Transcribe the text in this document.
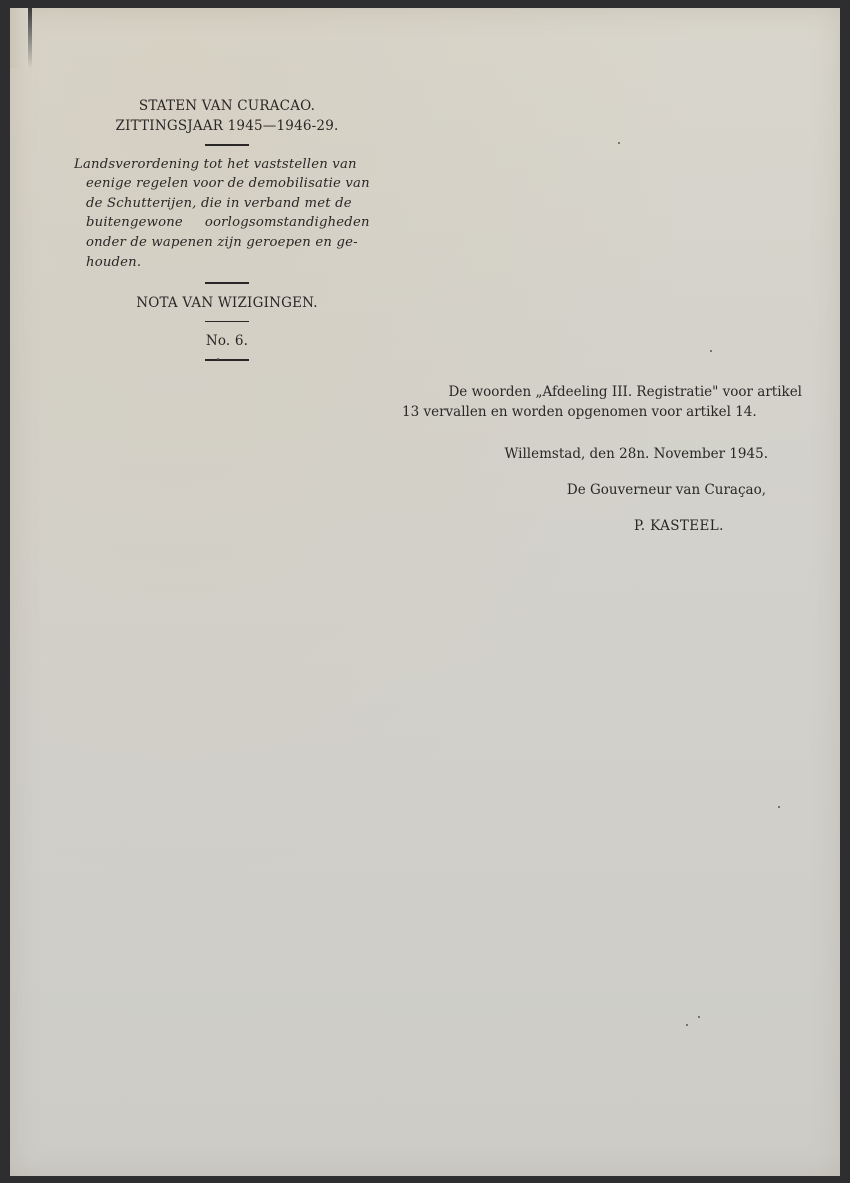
STATEN VAN CURACAO.
ZITTINGSJAAR 1945—1946-29.
Landsverordening tot het vaststellen van
eenige regelen voor de demobilisatie van
de Schutterijen, die in verband met de
buitengewone     oorlogsomstandigheden
onder de wapenen zijn geroepen en ge-
houden.
NOTA VAN WIZIGINGEN.
No. 6.
De woorden „Afdeeling III. Registratie" voor artikel
13 vervallen en worden opgenomen voor artikel 14.
Willemstad, den 28n. November 1945.
De Gouverneur van Curaçao,
P. KASTEEL.
